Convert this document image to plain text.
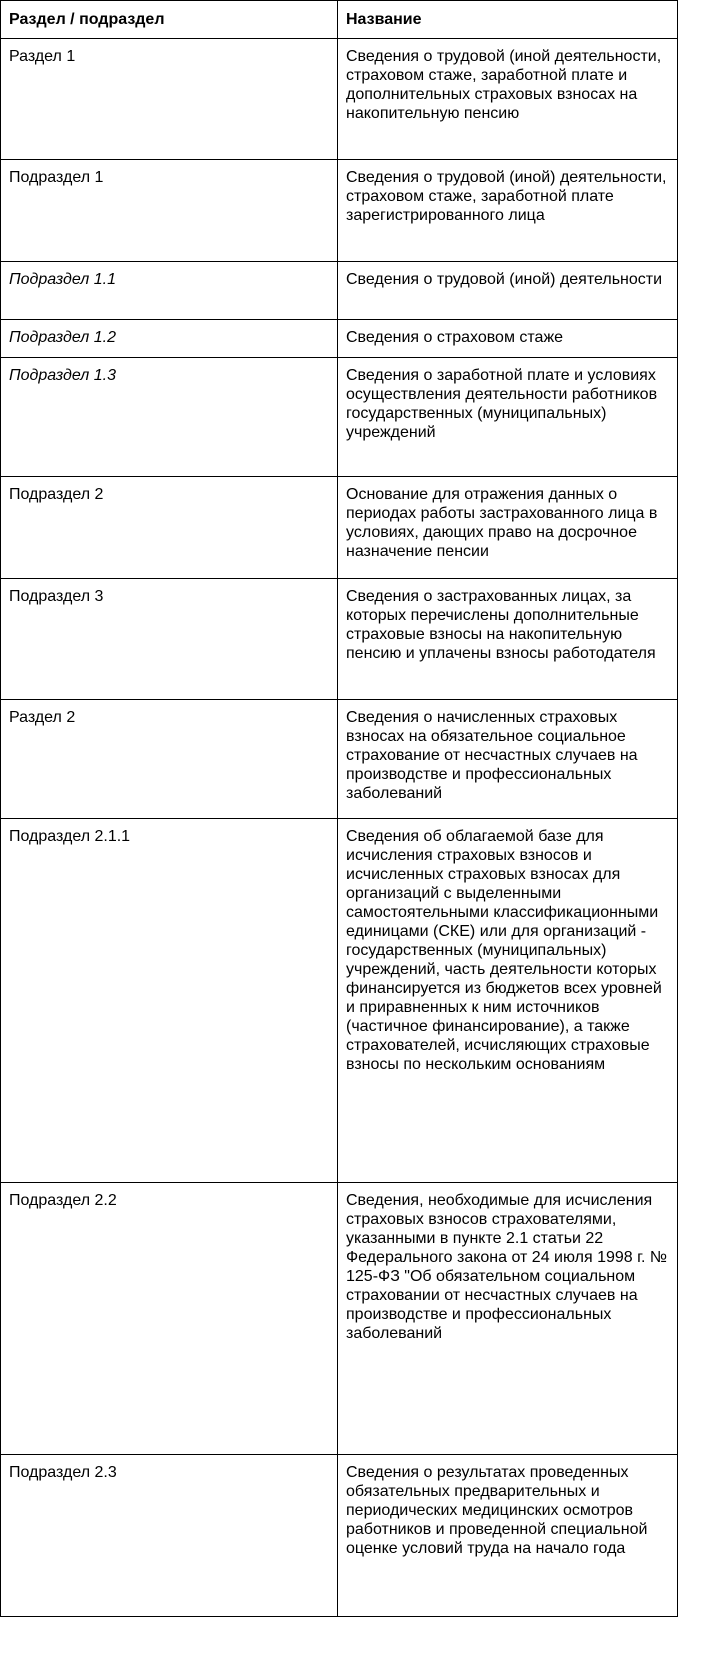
Раздел / подраздел	Название
Раздел 1	Сведения о трудовой (иной деятельности, страховом стаже, заработной плате и дополнительных страховых взносах на накопительную пенсию
Подраздел 1	Сведения о трудовой (иной) деятельности, страховом стаже, заработной плате зарегистрированного лица
Подраздел 1.1	Сведения о трудовой (иной) деятельности
Подраздел 1.2	Сведения о страховом стаже
Подраздел 1.3	Сведения о заработной плате и условиях осуществления деятельности работников государственных (муниципальных) учреждений
Подраздел 2	Основание для отражения данных о периодах работы застрахованного лица в условиях, дающих право на досрочное назначение пенсии
Подраздел 3	Сведения о застрахованных лицах, за которых перечислены дополнительные страховые взносы на накопительную пенсию и уплачены взносы работодателя
Раздел 2	Сведения о начисленных страховых взносах на обязательное социальное страхование от несчастных случаев на производстве и профессиональных заболеваний
Подраздел 2.1.1	Сведения об облагаемой базе для исчисления страховых взносов и исчисленных страховых взносах для организаций с выделенными самостоятельными классификационными единицами (СКЕ) или для организаций - государственных (муниципальных) учреждений, часть деятельности которых финансируется из бюджетов всех уровней и приравненных к ним источников (частичное финансирование), а также страхователей, исчисляющих страховые взносы по нескольким основаниям
Подраздел 2.2	Сведения, необходимые для исчисления страховых взносов страхователями, указанными в пункте 2.1 статьи 22 Федерального закона от 24 июля 1998 г. № 125-ФЗ "Об обязательном социальном страховании от несчастных случаев на производстве и профессиональных заболеваний
Подраздел 2.3	Сведения о результатах проведенных обязательных предварительных и периодических медицинских осмотров работников и проведенной специальной оценке условий труда на начало года
